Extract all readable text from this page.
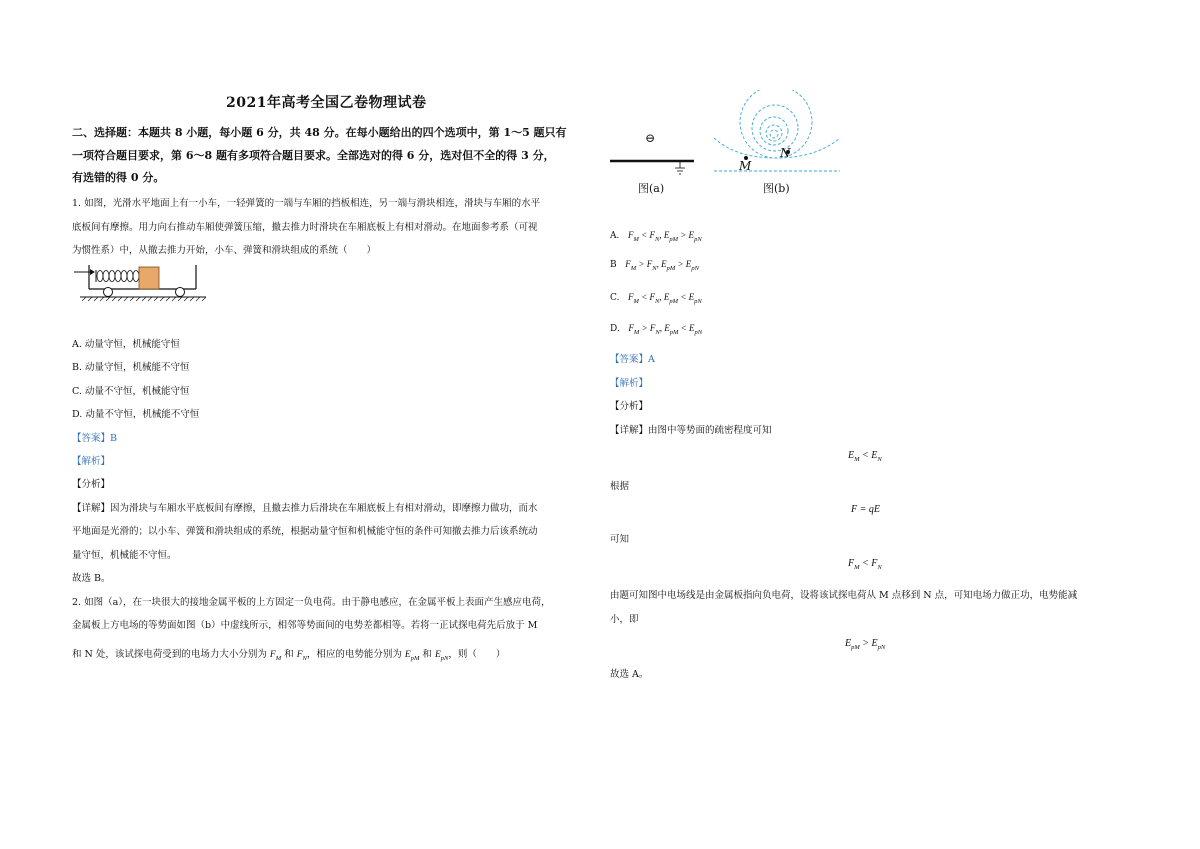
2021年高考全国乙卷物理试卷
二、选择题：本题共 8 小题，每小题 6 分，共 48 分。在每小题给出的四个选项中，第 1～5 题只有
一项符合题目要求，第 6～8 题有多项符合题目要求。全部选对的得 6 分，选对但不全的得 3 分，
有选错的得 0 分。
1. 如图，光滑水平地面上有一小车，一轻弹簧的一端与车厢的挡板相连，另一端与滑块相连，滑块与车厢的水平
底板间有摩擦。用力向右推动车厢使弹簧压缩，撤去推力时滑块在车厢底板上有相对滑动。在地面参考系（可视
为惯性系）中，从撤去推力开始，小车、弹簧和滑块组成的系统（　　）
A. 动量守恒，机械能守恒
B. 动量守恒，机械能不守恒
C. 动量不守恒，机械能守恒
D. 动量不守恒，机械能不守恒
【答案】B
【解析】
【分析】
【详解】因为滑块与车厢水平底板间有摩擦，且撤去推力后滑块在车厢底板上有相对滑动，即摩擦力做功，而水
平地面是光滑的；以小车、弹簧和滑块组成的系统，根据动量守恒和机械能守恒的条件可知撤去推力后该系统动
量守恒，机械能不守恒。
故选 B。
2. 如图（a），在一块很大的接地金属平板的上方固定一负电荷。由于静电感应，在金属平板上表面产生感应电荷，
金属板上方电场的等势面如图（b）中虚线所示，相邻等势面间的电势差都相等。若将一正试探电荷先后放于 M
和 N 处，该试探电荷受到的电场力大小分别为 $F_M$ 和 $F_N$，相应的电势能分别为 $E_{pM}$ 和 $E_{pN}$，则（　　）
⊖
图(a)
M
N
图(b)
A. $F_M < F_N$, $E_{pM} > E_{pN}$
B $F_M > F_N$, $E_{pM} > E_{pN}$
C. $F_M < F_N$, $E_{pM} < E_{pN}$
D. $F_M > F_N$, $E_{pM} < E_{pN}$
【答案】A
【解析】
【分析】
【详解】由图中等势面的疏密程度可知
$E_M < E_N$
根据
F = qE
可知
$F_M < F_N$
由题可知图中电场线是由金属板指向负电荷，设将该试探电荷从 M 点移到 N 点，可知电场力做正功，电势能减
小，即
$E_{pM} > E_{pN}$
故选 A。
